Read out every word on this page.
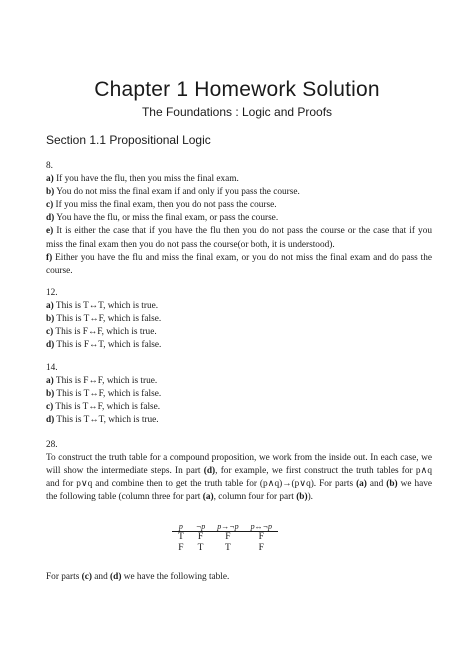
Chapter 1 Homework Solution
The Foundations : Logic and Proofs
Section 1.1 Propositional Logic
8.
a) If you have the flu, then you miss the final exam.
b) You do not miss the final exam if and only if you pass the course.
c) If you miss the final exam, then you do not pass the course.
d) You have the flu, or miss the final exam, or pass the course.
e) It is either the case that if you have the flu then you do not pass the course or the case that if you miss the final exam then you do not pass the course(or both, it is understood).
f) Either you have the flu and miss the final exam, or you do not miss the final exam and do pass the course.
12.
a) This is T↔T, which is true.
b) This is T↔F, which is false.
c) This is F↔F, which is true.
d) This is F↔T, which is false.
14.
a) This is F↔F, which is true.
b) This is T↔F, which is false.
c) This is T↔F, which is false.
d) This is T↔T, which is true.
28.
To construct the truth table for a compound proposition, we work from the inside out. In each case, we will show the intermediate steps. In part (d), for example, we first construct the truth tables for p∧q and for p∨q and combine then to get the truth table for (p∧q)→(p∨q). For parts (a) and (b) we have the following table (column three for part (a), column four for part (b)).
p	¬p	p→¬p	p↔¬p
T	F	F	F
F	T	T	F
For parts (c) and (d) we have the following table.
